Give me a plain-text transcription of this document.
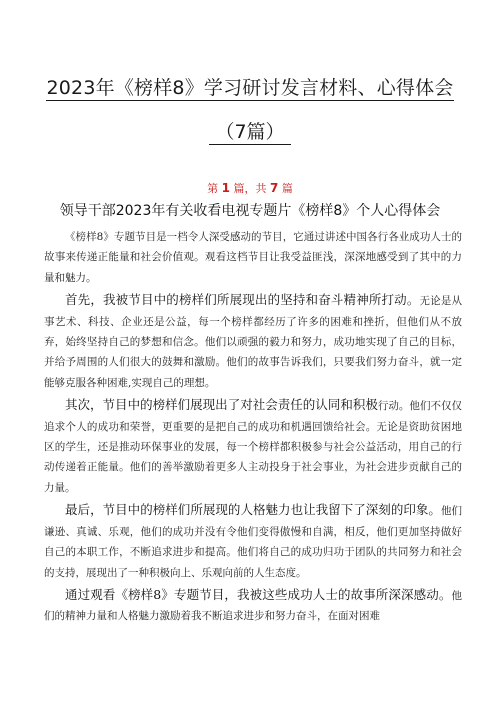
2023年《榜样8》学习研讨发言材料、心得体会
（7篇）
第 1 篇，共 7 篇
领导干部2023年有关收看电视专题片《榜样8》个人心得体会

《榜样8》专题节目是一档令人深受感动的节目，它通过讲述中国各行各业成功人士的故事来传递正能量和社会价值观。观看这档节目让我受益匪浅，深深地感受到了其中的力量和魅力。

首先，我被节目中的榜样们所展现出的坚持和奋斗精神所打动。无论是从事艺术、科技、企业还是公益，每一个榜样都经历了许多的困难和挫折，但他们从不放弃，始终坚持自己的梦想和信念。他们以顽强的毅力和努力，成功地实现了自己的目标，并给予周围的人们很大的鼓舞和激励。他们的故事告诉我们，只要我们努力奋斗，就一定能够克服各种困难,实现自己的理想。

其次，节目中的榜样们展现出了对社会责任的认同和积极行动。他们不仅仅追求个人的成功和荣誉，更重要的是把自己的成功和机遇回馈给社会。无论是资助贫困地区的学生，还是推动环保事业的发展，每一个榜样都积极参与社会公益活动，用自己的行动传递着正能量。他们的善举激励着更多人主动投身于社会事业，为社会进步贡献自己的力量。

最后，节目中的榜样们所展现的人格魅力也让我留下了深刻的印象。他们谦逊、真诚、乐观，他们的成功并没有令他们变得傲慢和自满，相反，他们更加坚持做好自己的本职工作，不断追求进步和提高。他们将自己的成功归功于团队的共同努力和社会的支持，展现出了一种积极向上、乐观向前的人生态度。

通过观看《榜样8》专题节目，我被这些成功人士的故事所深深感动。他们的精神力量和人格魅力激励着我不断追求进步和努力奋斗，在面对困难
